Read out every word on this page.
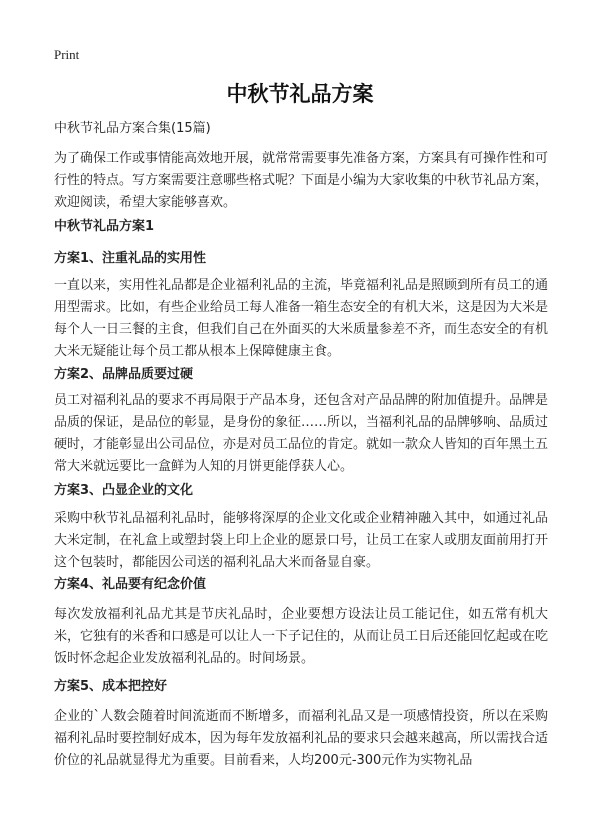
Print
中秋节礼品方案
中秋节礼品方案合集(15篇)
为了确保工作或事情能高效地开展，就常常需要事先准备方案，方案具有可操作性和可行性的特点。写方案需要注意哪些格式呢？下面是小编为大家收集的中秋节礼品方案，欢迎阅读，希望大家能够喜欢。
中秋节礼品方案1
方案1、注重礼品的实用性
一直以来，实用性礼品都是企业福利礼品的主流，毕竟福利礼品是照顾到所有员工的通用型需求。比如，有些企业给员工每人准备一箱生态安全的有机大米，这是因为大米是每个人一日三餐的主食，但我们自己在外面买的大米质量参差不齐，而生态安全的有机大米无疑能让每个员工都从根本上保障健康主食。
方案2、品牌品质要过硬
员工对福利礼品的要求不再局限于产品本身，还包含对产品品牌的附加值提升。品牌是品质的保证，是品位的彰显，是身份的象征……所以，当福利礼品的品牌够响、品质过硬时，才能彰显出公司品位，亦是对员工品位的肯定。就如一款众人皆知的百年黑土五常大米就远要比一盒鲜为人知的月饼更能俘获人心。
方案3、凸显企业的文化
采购中秋节礼品福利礼品时，能够将深厚的企业文化或企业精神融入其中，如通过礼品大米定制，在礼盒上或塑封袋上印上企业的愿景口号，让员工在家人或朋友面前用打开这个包装时，都能因公司送的福利礼品大米而备显自豪。
方案4、礼品要有纪念价值
每次发放福利礼品尤其是节庆礼品时，企业要想方设法让员工能记住，如五常有机大米，它独有的米香和口感是可以让人一下子记住的，从而让员工日后还能回忆起或在吃饭时怀念起企业发放福利礼品的。时间场景。
方案5、成本把控好
企业的`人数会随着时间流逝而不断增多，而福利礼品又是一项感情投资，所以在采购福利礼品时要控制好成本，因为每年发放福利礼品的要求只会越来越高，所以需找合适价位的礼品就显得尤为重要。目前看来，人均200元-300元作为实物礼品
